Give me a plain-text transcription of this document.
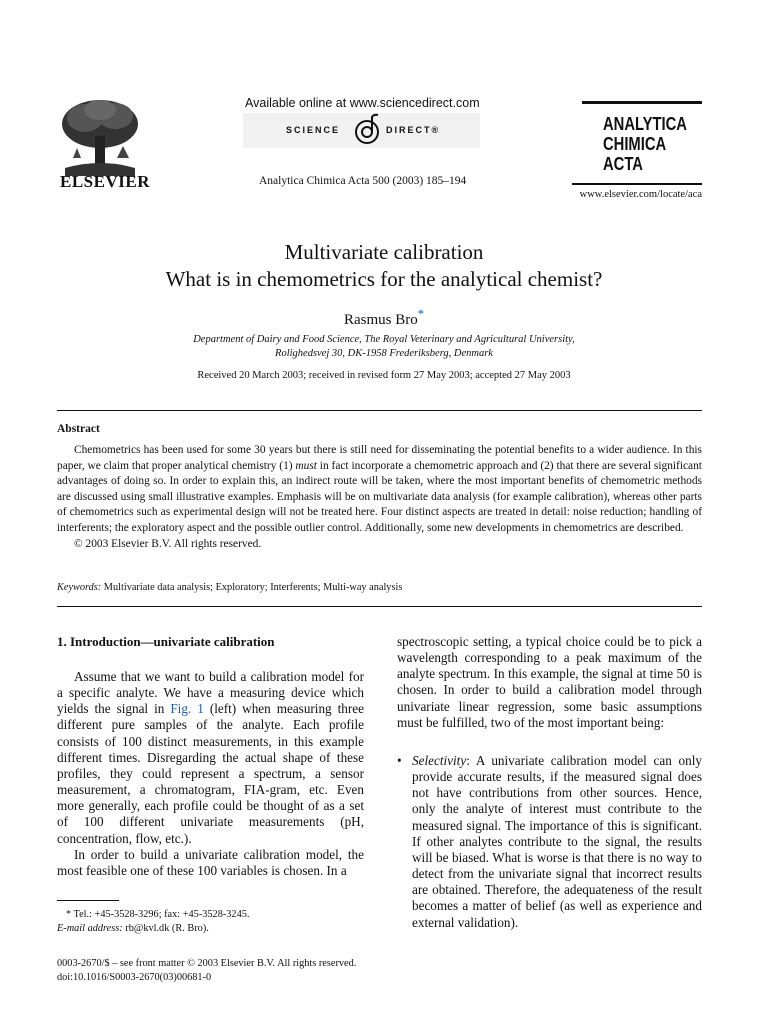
ELSEVIER
Available online at www.sciencedirect.com
SCIENCE	DIRECT®
Analytica Chimica Acta 500 (2003) 185–194
ANALYTICA
CHIMICA
ACTA
www.elsevier.com/locate/aca
Multivariate calibration
What is in chemometrics for the analytical chemist?
Rasmus Bro*
Department of Dairy and Food Science, The Royal Veterinary and Agricultural University,
Rolighedsvej 30, DK-1958 Frederiksberg, Denmark
Received 20 March 2003; received in revised form 27 May 2003; accepted 27 May 2003
Abstract

Chemometrics has been used for some 30 years but there is still need for disseminating the potential benefits to a wider audience. In this paper, we claim that proper analytical chemistry (1) must in fact incorporate a chemometric approach and (2) that there are several significant advantages of doing so. In order to explain this, an indirect route will be taken, where the most important benefits of chemometric methods are discussed using small illustrative examples. Emphasis will be on multivariate data analysis (for example calibration), whereas other parts of chemometrics such as experimental design will not be treated here. Four distinct aspects are treated in detail: noise reduction; handling of interferents; the exploratory aspect and the possible outlier control. Additionally, some new developments in chemometrics are described.

© 2003 Elsevier B.V. All rights reserved.

Keywords: Multivariate data analysis; Exploratory; Interferents; Multi-way analysis
1. Introduction—univariate calibration

Assume that we want to build a calibration model for a specific analyte. We have a measuring device which yields the signal in Fig. 1 (left) when measuring three different pure samples of the analyte. Each profile consists of 100 distinct measurements, in this example different times. Disregarding the actual shape of these profiles, they could represent a spectrum, a sensor measurement, a chromatogram, FIA-gram, etc. Even more generally, each profile could be thought of as a set of 100 different univariate measurements (pH, concentration, flow, etc.).

In order to build a univariate calibration model, the most feasible one of these 100 variables is chosen. In a

spectroscopic setting, a typical choice could be to pick a wavelength corresponding to a peak maximum of the analyte spectrum. In this example, the signal at time 50 is chosen. In order to build a calibration model through univariate linear regression, some basic assumptions must be fulfilled, two of the most important being:

• Selectivity: A univariate calibration model can only provide accurate results, if the measured signal does not have contributions from other sources. Hence, only the analyte of interest must contribute to the measured signal. The importance of this is significant. If other analytes contribute to the signal, the results will be biased. What is worse is that there is no way to detect from the univariate signal that incorrect results are obtained. Therefore, the adequateness of the result becomes a matter of belief (as well as experience and external validation).

* Tel.: +45-3528-3296; fax: +45-3528-3245.
E-mail address: rb@kvl.dk (R. Bro).
0003-2670/$ – see front matter © 2003 Elsevier B.V. All rights reserved.
doi:10.1016/S0003-2670(03)00681-0
